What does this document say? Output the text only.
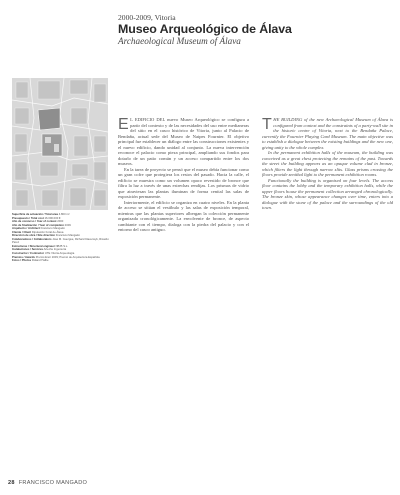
2000-2009, Vitoria
Museo Arqueológico de Álava
Archaeological Museum of Álava

Superficie de actuación / Total area 4.800 m²

Presupuesto / Total cost 16.000.000 €

Año de concurso / Year of contest 2000

Año de finalización / Year of completion 2009

Arquitecto / Architect Francisco Mangado

Cliente / Client Diputación Foral de Álava

Dirección de obra / Site direction Francisco Mangado

Colaboradores / Collaborators José M. Guergué, Richard Klaverwyk, Ricardo Pérez

Estructuras / Structural engineer NB35 S.L.

Instalaciones / Services Arteche Ingeniería

Constructor / Contractor UTE Vitoria Arqueología

Premios / Awards Premio Enor 2009; Premio de Arquitectura Española

Fotos / Photos Roland Halbe

E L EDIFICIO DEL nuevo Museo Arqueológico se configura a partir del contexto y de las necesidades del uso entre medianeras del sitio en el casco histórico de Vitoria, junto al Palacio de Bendaña, actual sede del Museo de Naipes Fournier. El objetivo principal fue establecer un diálogo entre las construcciones existentes y el nuevo edificio, dando unidad al conjunto. La nueva intervención reconoce el palacio como pieza principal, ampliando sus fondos para dotarlo de un patio común y un acceso compartido entre los dos museos.

En la tarea de proyecto se pensó que el museo debía funcionar como un gran cofre que protegiera los restos del pasado. Hacia la calle, el edificio se muestra como un volumen opaco revestido de bronce que filtra la luz a través de unas estrechas rendijas. Los prismas de vidrio que atraviesan las plantas iluminan de forma cenital las salas de exposición permanente.

Interiormente, el edificio se organiza en cuatro niveles. En la planta de acceso se sitúan el vestíbulo y las salas de exposición temporal, mientras que las plantas superiores albergan la colección permanente organizada cronológicamente. La envolvente de bronce, de aspecto cambiante con el tiempo, dialoga con la piedra del palacio y con el entorno del casco antiguo.

THE BUILDING of the new Archaeological Museum of Álava is configured from context and the constraints of a party-wall site in the historic centre of Vitoria, next to the Bendaña Palace, currently the Fournier Playing Card Museum. The main objective was to establish a dialogue between the existing buildings and the new one, giving unity to the whole complex.

In the permanent exhibition halls of the museum, the building was conceived as a great chest protecting the remains of the past. Towards the street the building appears as an opaque volume clad in bronze, which filters the light through narrow slits. Glass prisms crossing the floors provide zenithal light to the permanent exhibition rooms.

Functionally the building is organised on four levels. The access floor contains the lobby and the temporary exhibition halls, while the upper floors house the permanent collection arranged chronologically. The bronze skin, whose appearance changes over time, enters into a dialogue with the stone of the palace and the surroundings of the old town.

28 FRANCISCO MANGADO
